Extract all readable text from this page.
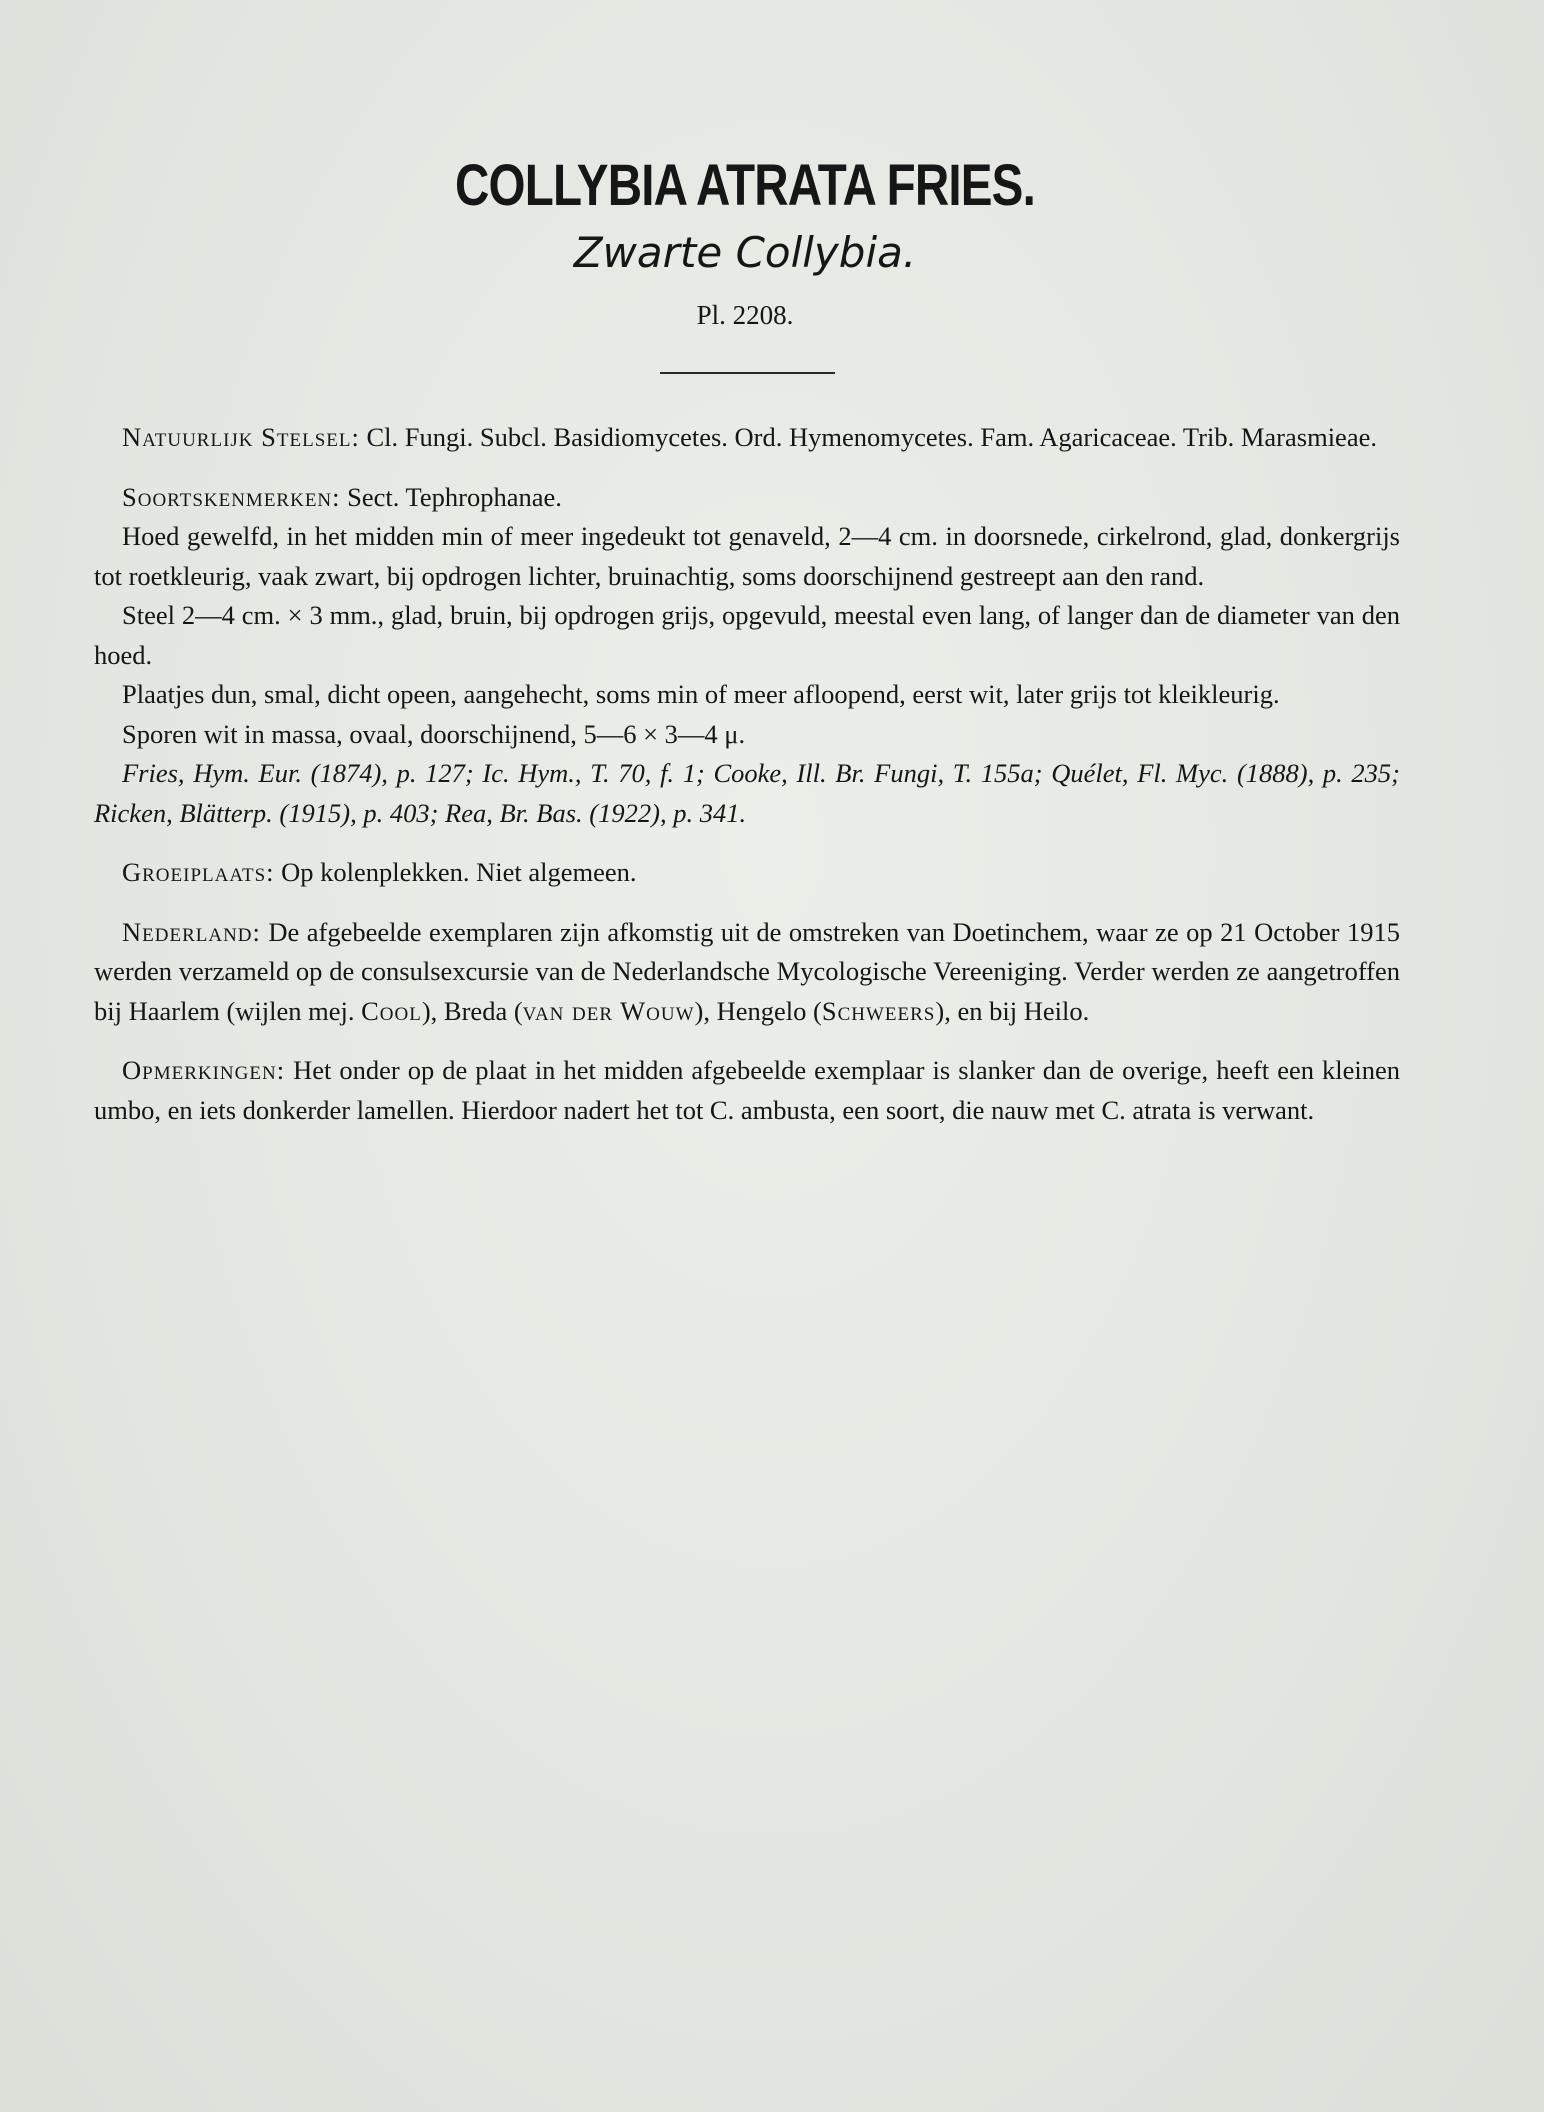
COLLYBIA ATRATA FRIES.
Zwarte Collybia.
Pl. 2208.

Natuurlijk Stelsel: Cl. Fungi. Subcl. Basidiomycetes. Ord. Hymenomycetes. Fam. Agaricaceae. Trib. Marasmieae.

Soortskenmerken: Sect. Tephrophanae.

Hoed gewelfd, in het midden min of meer ingedeukt tot genaveld, 2—4 cm. in doorsnede, cirkelrond, glad, donkergrijs tot roetkleurig, vaak zwart, bij opdrogen lichter, bruinachtig, soms doorschijnend gestreept aan den rand.

Steel 2—4 cm. × 3 mm., glad, bruin, bij opdrogen grijs, opgevuld, meestal even lang, of langer dan de diameter van den hoed.

Plaatjes dun, smal, dicht opeen, aangehecht, soms min of meer afloopend, eerst wit, later grijs tot kleikleurig.

Sporen wit in massa, ovaal, doorschijnend, 5—6 × 3—4 μ.

Fries, Hym. Eur. (1874), p. 127; Ic. Hym., T. 70, f. 1; Cooke, Ill. Br. Fungi, T. 155a; Quélet, Fl. Myc. (1888), p. 235; Ricken, Blätterp. (1915), p. 403; Rea, Br. Bas. (1922), p. 341.

Groeiplaats: Op kolenplekken. Niet algemeen.

Nederland: De afgebeelde exemplaren zijn afkomstig uit de omstreken van Doetinchem, waar ze op 21 October 1915 werden verzameld op de consulsexcursie van de Nederlandsche Mycologische Vereeniging. Verder werden ze aangetroffen bij Haarlem (wijlen mej. Cool), Breda (van der Wouw), Hengelo (Schweers), en bij Heilo.

Opmerkingen: Het onder op de plaat in het midden afgebeelde exemplaar is slanker dan de overige, heeft een kleinen umbo, en iets donkerder lamellen. Hierdoor nadert het tot C. ambusta, een soort, die nauw met C. atrata is verwant.
